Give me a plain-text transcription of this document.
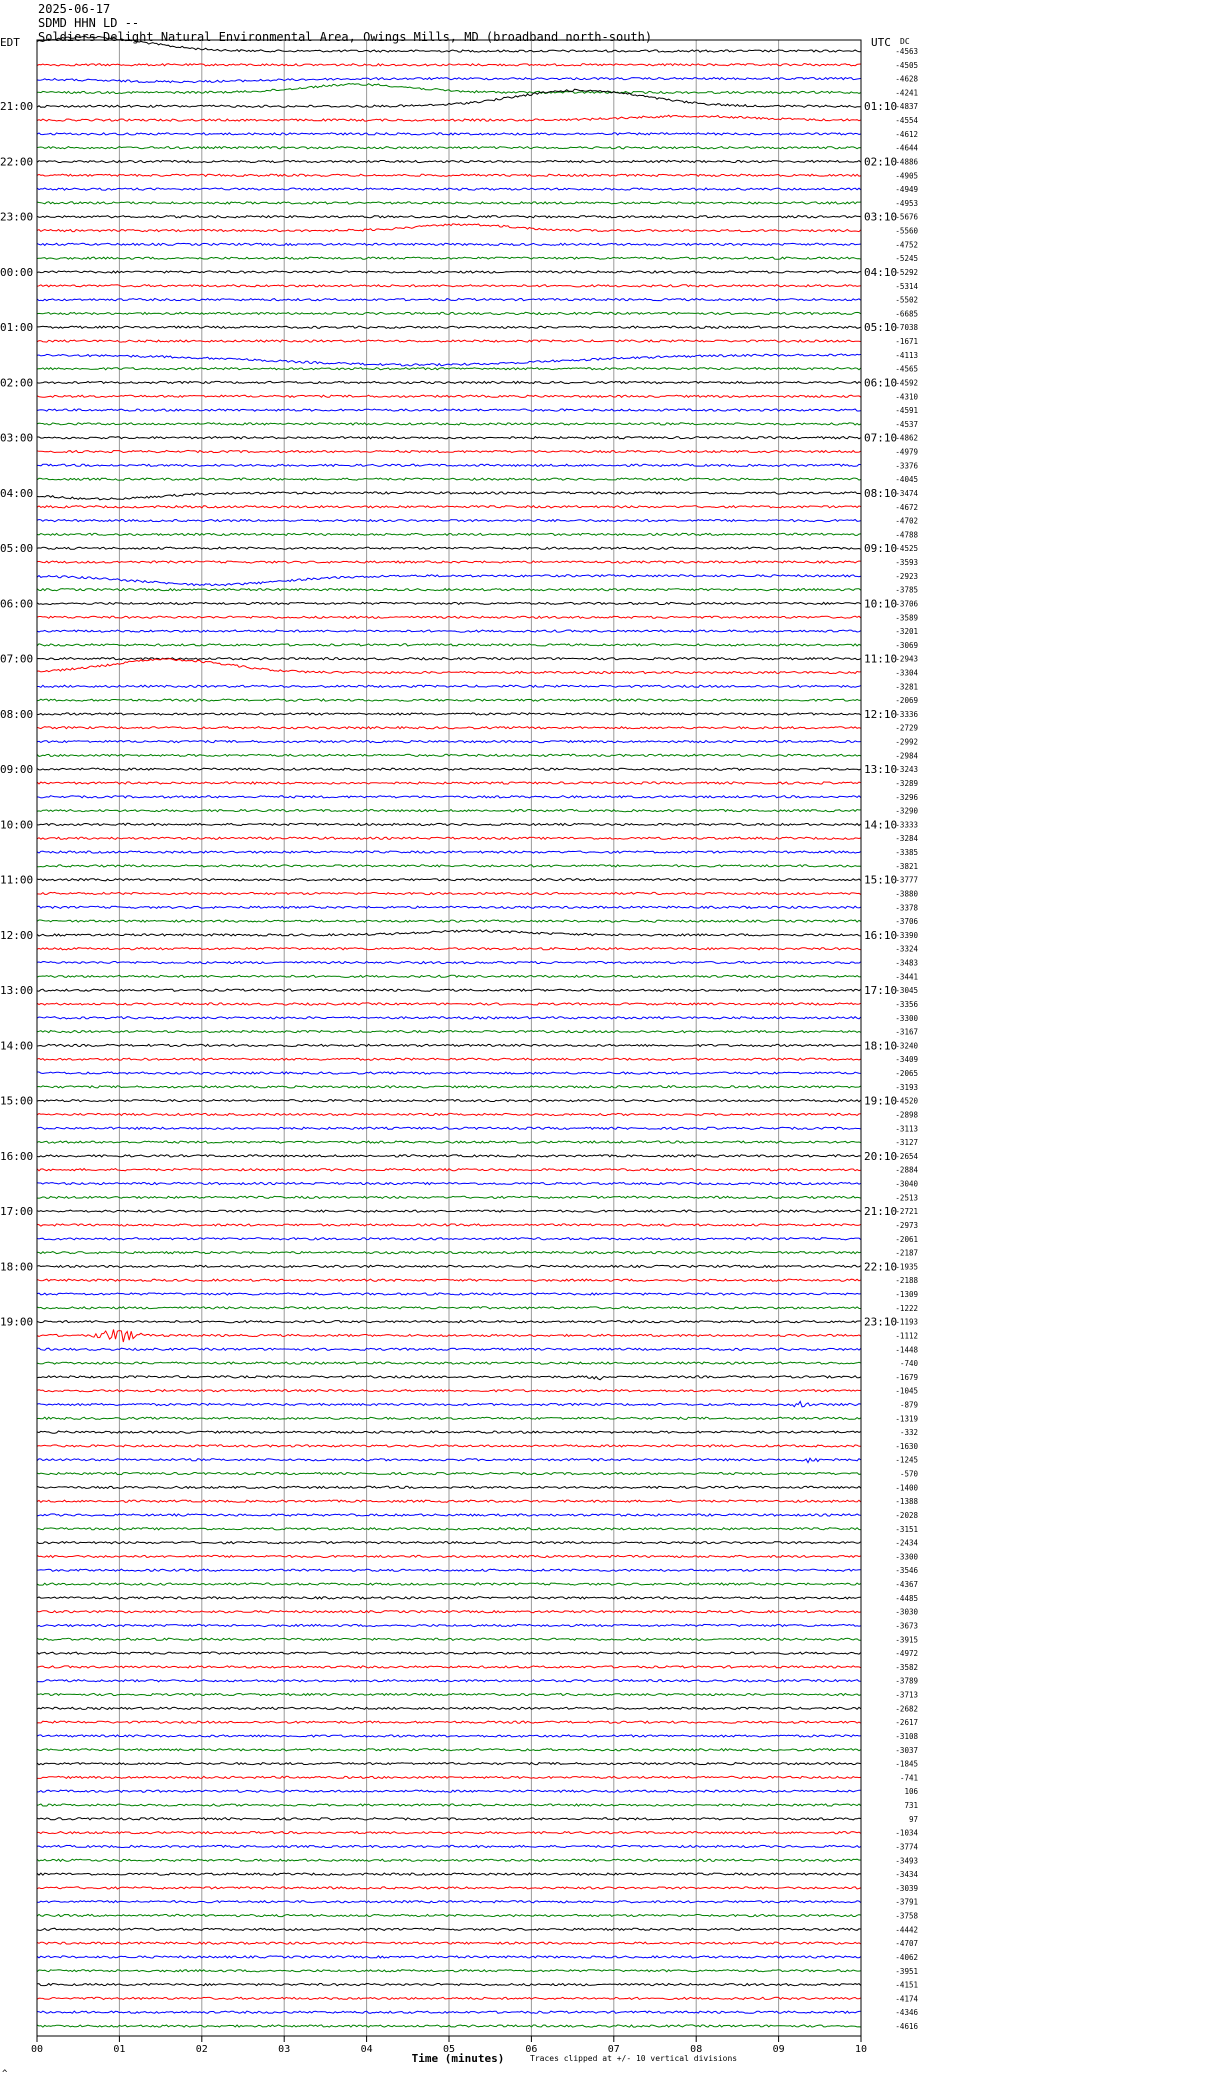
2025-06-17
SDMD HHN LD --
Soldiers Delight Natural Environmental Area, Owings Mills, MD (broadband north-south)
EDT	UTC DC
21:00
22:00
23:00
00:00
01:00
02:00
03:00
04:00
05:00
06:00
07:00
08:00
09:00
10:00
11:00
12:00
13:00
14:00
15:00
16:00
17:00
18:00
19:00
01:10
02:10
03:10
04:10
05:10
06:10
07:10
08:10
09:10
10:10
11:10
12:10
13:10
14:10
15:10
16:10
17:10
18:10
19:10
20:10
21:10
22:10
23:10
-4563
-4505
-4628
-4241
-4837
-4554
-4612
-4644
-4886
-4905
-4949
-4953
-5676
-5560
-4752
-5245
-5292
-5314
-5502
-6685
-7038
-1671
-4113
-4565
-4592
-4310
-4591
-4537
-4862
-4979
-3376
-4045
-3474
-4672
-4702
-4788
-4525
-3593
-2923
-3785
-3706
-3589
-3201
-3069
-2943
-3304
-3281
-2069
-3336
-2729
-2992
-2984
-3243
-3289
-3296
-3290
-3333
-3284
-3385
-3821
-3777
-3880
-3378
-3706
-3390
-3324
-3483
-3441
-3045
-3356
-3300
-3167
-3240
-3409
-2065
-3193
-4520
-2898
-3113
-3127
-2654
-2884
-3040
-2513
-2721
-2973
-2061
-2187
-1935
-2188
-1309
-1222
-1193
-1112
-1448
-740
-1679
-1045
-879
-1319
-332
-1630
-1245
-570
-1400
-1388
-2028
-3151
-2434
-3300
-3546
-4367
-4485
-3030
-3673
-3915
-4972
-3582
-3789
-3713
-2682
-2617
-3108
-3037
-1845
-741
106
731
97
-1034
-3774
-3493
-3434
-3039
-3791
-3758
-4442
-4707
-4062
-3951
-4151
-4174
-4346
-4616
00	01	02	03	04	05	06	07	08	09	10
Time (minutes)	Traces clipped at +/- 10 vertical divisions
^
